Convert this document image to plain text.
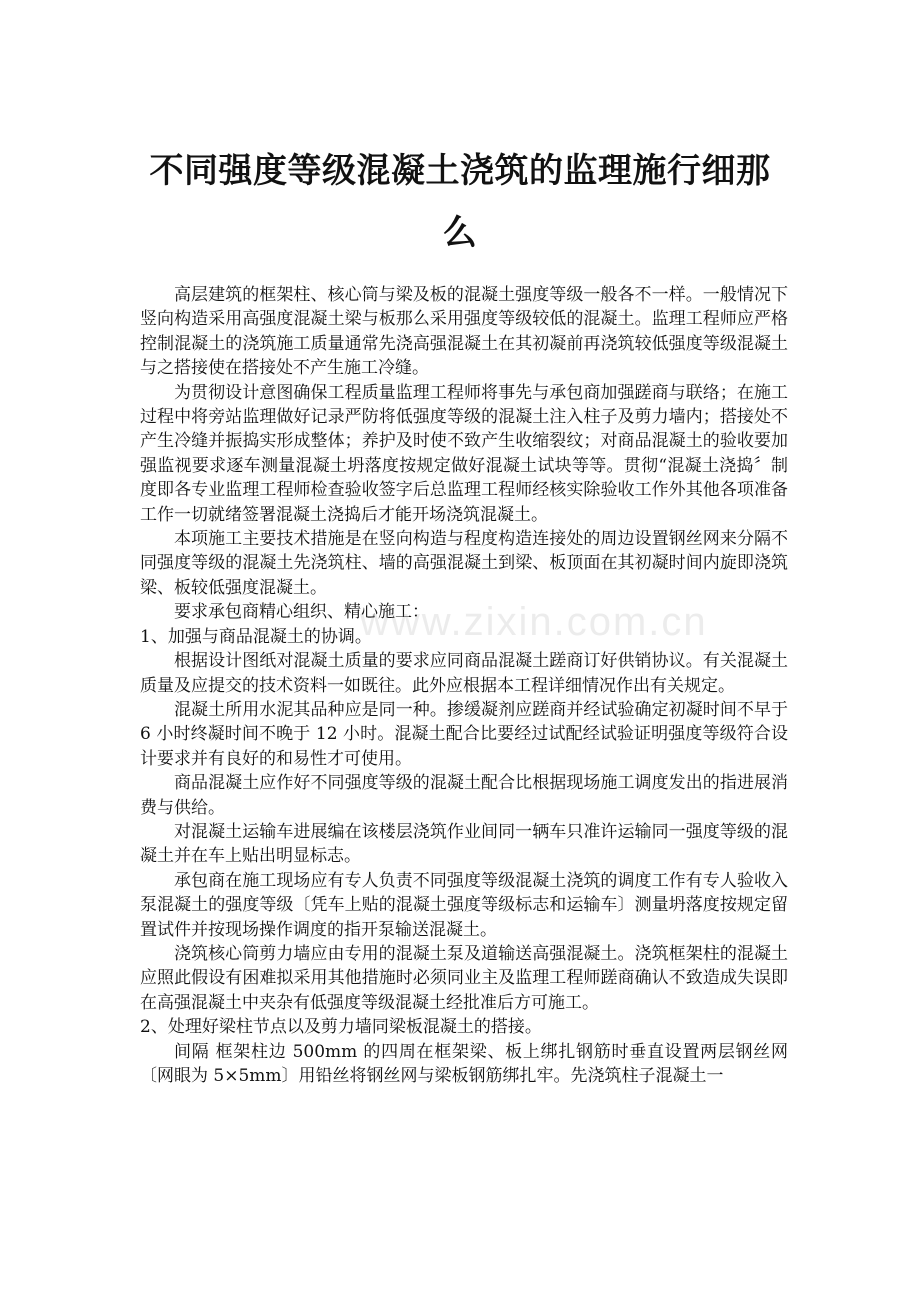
不同强度等级混凝土浇筑的监理施行细那么

高层建筑的框架柱、核心筒与梁及板的混凝土强度等级一般各不一样。一般情况下竖向构造采用高强度混凝土梁与板那么采用强度等级较低的混凝土。监理工程师应严格控制混凝土的浇筑施工质量通常先浇高强混凝土在其初凝前再浇筑较低强度等级混凝土与之搭接使在搭接处不产生施工冷缝。

为贯彻设计意图确保工程质量监理工程师将事先与承包商加强蹉商与联络；在施工过程中将旁站监理做好记录严防将低强度等级的混凝土注入柱子及剪力墙内；搭接处不产生冷缝并振捣实形成整体；养护及时使不致产生收缩裂纹；对商品混凝土的验收要加强监视要求逐车测量混凝土坍落度按规定做好混凝土试块等等。贯彻“混凝土浇捣〞制度即各专业监理工程师检查验收签字后总监理工程师经核实除验收工作外其他各项准备工作一切就绪签署混凝土浇捣后才能开场浇筑混凝土。

本项施工主要技术措施是在竖向构造与程度构造连接处的周边设置钢丝网来分隔不同强度等级的混凝土先浇筑柱、墙的高强混凝土到梁、板顶面在其初凝时间内旋即浇筑梁、板较低强度混凝土。

要求承包商精心组织、精心施工：

1、加强与商品混凝土的协调。

根据设计图纸对混凝土质量的要求应同商品混凝土蹉商订好供销协议。有关混凝土质量及应提交的技术资料一如既往。此外应根据本工程详细情况作出有关规定。

混凝土所用水泥其品种应是同一种。掺缓凝剂应蹉商并经试验确定初凝时间不早于 6 小时终凝时间不晚于 12 小时。混凝土配合比要经过试配经试验证明强度等级符合设计要求并有良好的和易性才可使用。

商品混凝土应作好不同强度等级的混凝土配合比根据现场施工调度发出的指进展消费与供给。

对混凝土运输车进展编在该楼层浇筑作业间同一辆车只准许运输同一强度等级的混凝土并在车上贴出明显标志。

承包商在施工现场应有专人负责不同强度等级混凝土浇筑的调度工作有专人验收入泵混凝土的强度等级〔凭车上贴的混凝土强度等级标志和运输车〕测量坍落度按规定留置试件并按现场操作调度的指开泵输送混凝土。

浇筑核心筒剪力墙应由专用的混凝土泵及道输送高强混凝土。浇筑框架柱的混凝土应照此假设有困难拟采用其他措施时必须同业主及监理工程师蹉商确认不致造成失误即在高强混凝土中夹杂有低强度等级混凝土经批准后方可施工。

2、处理好梁柱节点以及剪力墙同梁板混凝土的搭接。

间隔 框架柱边 500mm 的四周在框架梁、板上绑扎钢筋时垂直设置两层钢丝网〔网眼为 5×5mm〕用铅丝将钢丝网与梁板钢筋绑扎牢。先浇筑柱子混凝土一

www.zixin.com.cn
